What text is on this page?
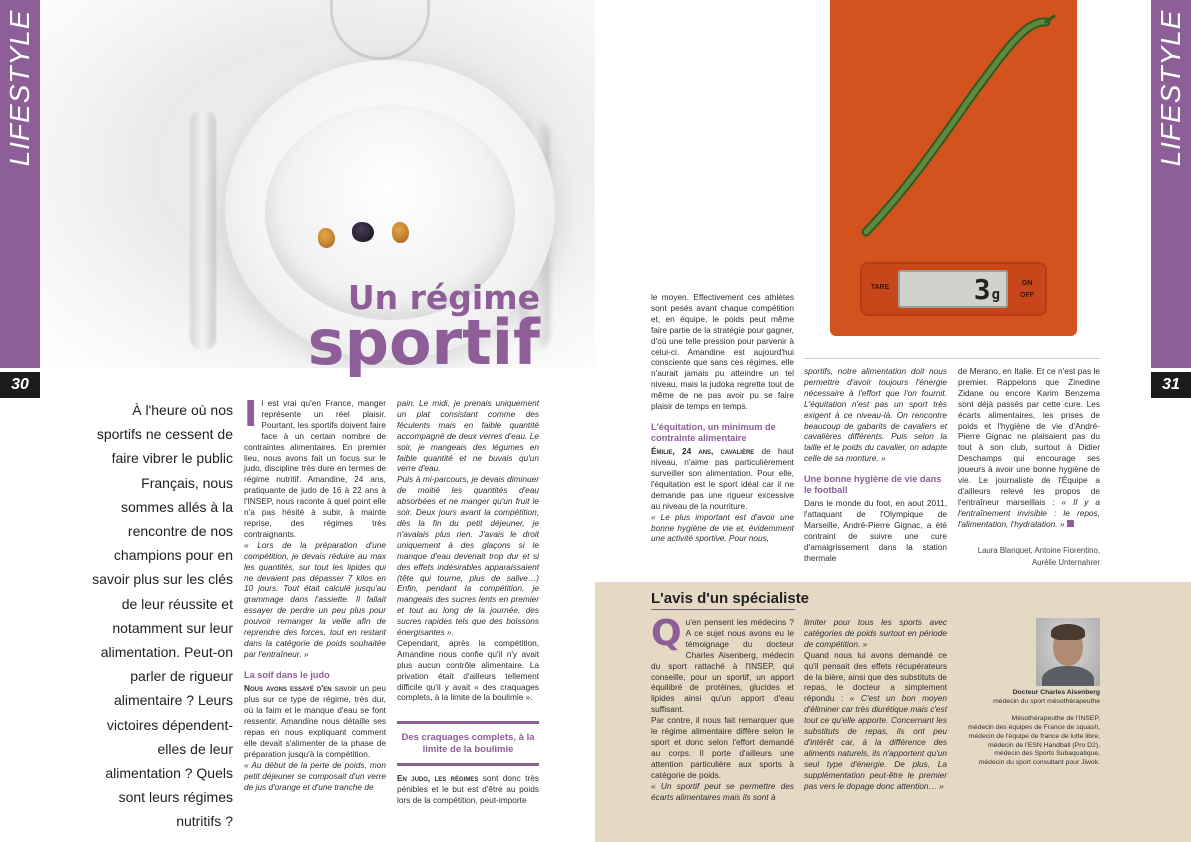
LIFESTYLE	LIFESTYLE
30	31
Un régime
sportif
TARE	3 g
ON
OFF
À l'heure où nos sportifs ne cessent de faire vibrer le public Français, nous sommes allés à la rencontre de nos champions pour en savoir plus sur les clés de leur réussite et notamment sur leur alimentation. Peut-on parler de rigueur alimentaire ? Leurs victoires dépendent-elles de leur alimentation ? Quels sont leurs régimes nutritifs ?

Il est vrai qu'en France, manger représente un réel plaisir. Pourtant, les sportifs doivent faire face à un certain nombre de contraintes alimentaires. En premier lieu, nous avons fait un focus sur le judo, discipline très dure en termes de régime nutritif. Amandine, 24 ans, pratiquante de judo de 16 à 22 ans à l'INSEP, nous raconte à quel point elle n'a pas hésité à subir, à mainte reprise, des régimes très contraignants.

« Lors de la préparation d'une compétition, je devais réduire au max les quantités, sur tout les lipides qui ne devaient pas dépasser 7 kilos en 10 jours. Tout était calculé jusqu'au grammage dans l'assiette. Il fallait essayer de perdre un peu plus pour pouvoir remanger la veille afin de reprendre des forces, tout en restant dans la catégorie de poids souhaitée par l'entraîneur. »

La soif dans le judo

Nous avons essayé d'en savoir un peu plus sur ce type de régime, très dur, où la faim et le manque d'eau se font ressentir. Amandine nous détaille ses repas en nous expliquant comment elle devait s'alimenter de la phase de préparation jusqu'à la compétition.

« Au début de la perte de poids, mon petit déjeuner se composait d'un verre de jus d'orange et d'une tranche de

pain. Le midi, je prenais uniquement un plat consistant comme des féculents mais en faible quantité accompagné de deux verres d'eau. Le soir, je mangeais des légumes en faible quantité et ne buvais qu'un verre d'eau.

Puis à mi-parcours, je devais diminuer de moitié les quantités d'eau absorbées et ne manger qu'un fruit le soir. Deux jours avant la compétition, dès la fin du petit déjeuner, je n'avalais plus rien. J'avais le droit uniquement à des glaçons si le manque d'eau devenait trop dur et si des effets indésirables apparaissaient (tête qui tourne, plus de salive…) Enfin, pendant la compétition, je mangeais des sucres lents en premier et tout au long de la journée, des sucres rapides tels que des boissons énergisantes ».

Cependant, après la compétition, Amandine nous confie qu'il n'y avait plus aucun contrôle alimentaire. La privation était d'ailleurs tellement difficile qu'il y avait « des craquages complets, à la limite de la boulimie ».

Des craquages complets, à la limite de la boulimie

En judo, les régimes sont donc très pénibles et le but est d'être au poids lors de la compétition, peut-importe

le moyen. Effectivement ces athlètes sont pesés avant chaque compétition et, en équipe, le poids peut même faire partie de la stratégie pour gagner, d'où une telle pression pour parvenir à celui-ci. Amandine est aujourd'hui consciente que sans ces régimes, elle n'aurait jamais pu atteindre un tel niveau, mais la judoka regrette tout de même de ne pas avoir pu se faire plaisir de temps en temps.

L'équitation, un minimum de contrainte alimentaire

Émilie, 24 ans, cavalière de haut niveau, n'aime pas particulièrement surveiller son alimentation. Pour elle, l'équitation est le sport idéal car il ne demande pas une rigueur excessive au niveau de la nourriture.

« Le plus important est d'avoir une bonne hygiène de vie et, évidemment une activité sportive. Pour nous,

sportifs, notre alimentation doit nous permettre d'avoir toujours l'énergie nécessaire à l'effort que l'on fournit. L'équitation n'est pas un sport très exigent à ce niveau-là. On rencontre beaucoup de gabarits de cavaliers et cavalières différents. Puis selon la taille et le poids du cavalier, on adapte celle de sa monture. »

Une bonne hygiène de vie dans le football

Dans le monde du foot, en aout 2011, l'attaquant de l'Olympique de Marseille, André-Pierre Gignac, a été contraint de suivre une cure d'amaigrissement dans la station thermale

de Merano, en Italie. Et ce n'est pas le premier. Rappelons que Zinedine Zidane ou encore Karim Benzema sont déjà passés par cette cure. Les écarts alimentaires, les prises de poids et l'hygiène de vie d'André-Pierre Gignac ne plaisaient pas du tout à son club, surtout à Didier Deschamps qui encourage ses joueurs à avoir une bonne hygiène de vie. Le journaliste de l'Équipe a d'ailleurs relevé les propos de l'entraîneur marseillais : « Il y a l'entraînement invisible : le repos, l'alimentation, l'hydratation. »

Laura Blanquet, Antoine Fiorentino,
Aurélie Unternahrer
L'avis d'un spécialiste

Qu'en pensent les médecins ? A ce sujet nous avons eu le témoignage du docteur Charles Aisenberg, médecin du sport rattaché à l'INSEP, qui conseille, pour un sportif, un apport équilibré de protéines, glucides et lipides ainsi qu'un apport d'eau suffisant.

Par contre, il nous fait remarquer que le régime alimentaire diffère selon le sport et donc selon l'effort demandé au corps. Il porte d'ailleurs une attention particulière aux sports à catégorie de poids.

« Un sportif peut se permettre des écarts alimentaires mais ils sont à

limiter pour tous les sports avec catégories de poids surtout en période de compétition. »

Quand nous lui avons demandé ce qu'il pensait des effets récupérateurs de la bière, ainsi que des substituts de repas, le docteur a simplement répondu : « C'est un bon moyen d'éliminer car très diurétique mais c'est tout ce qu'elle apporte. Concernant les substituts de repas, ils ont peu d'intérêt car, à la différence des aliments naturels, ils n'apportent qu'un seul type d'énergie. De plus, La supplémentation peut-être le premier pas vers le dopage donc attention… »

Docteur Charles Aisenberg
médecin du sport mésothérapeuthe
Mésothérapeuthe de l'INSEP,
médecin des équipes de France de squash,
médecin de l'équipe de france de lutte libre,
médecin de l'ESN Handball (Pro D2),
médecin des Sports Subaquatique,
médecin du sport consultant pour Jiwok.
